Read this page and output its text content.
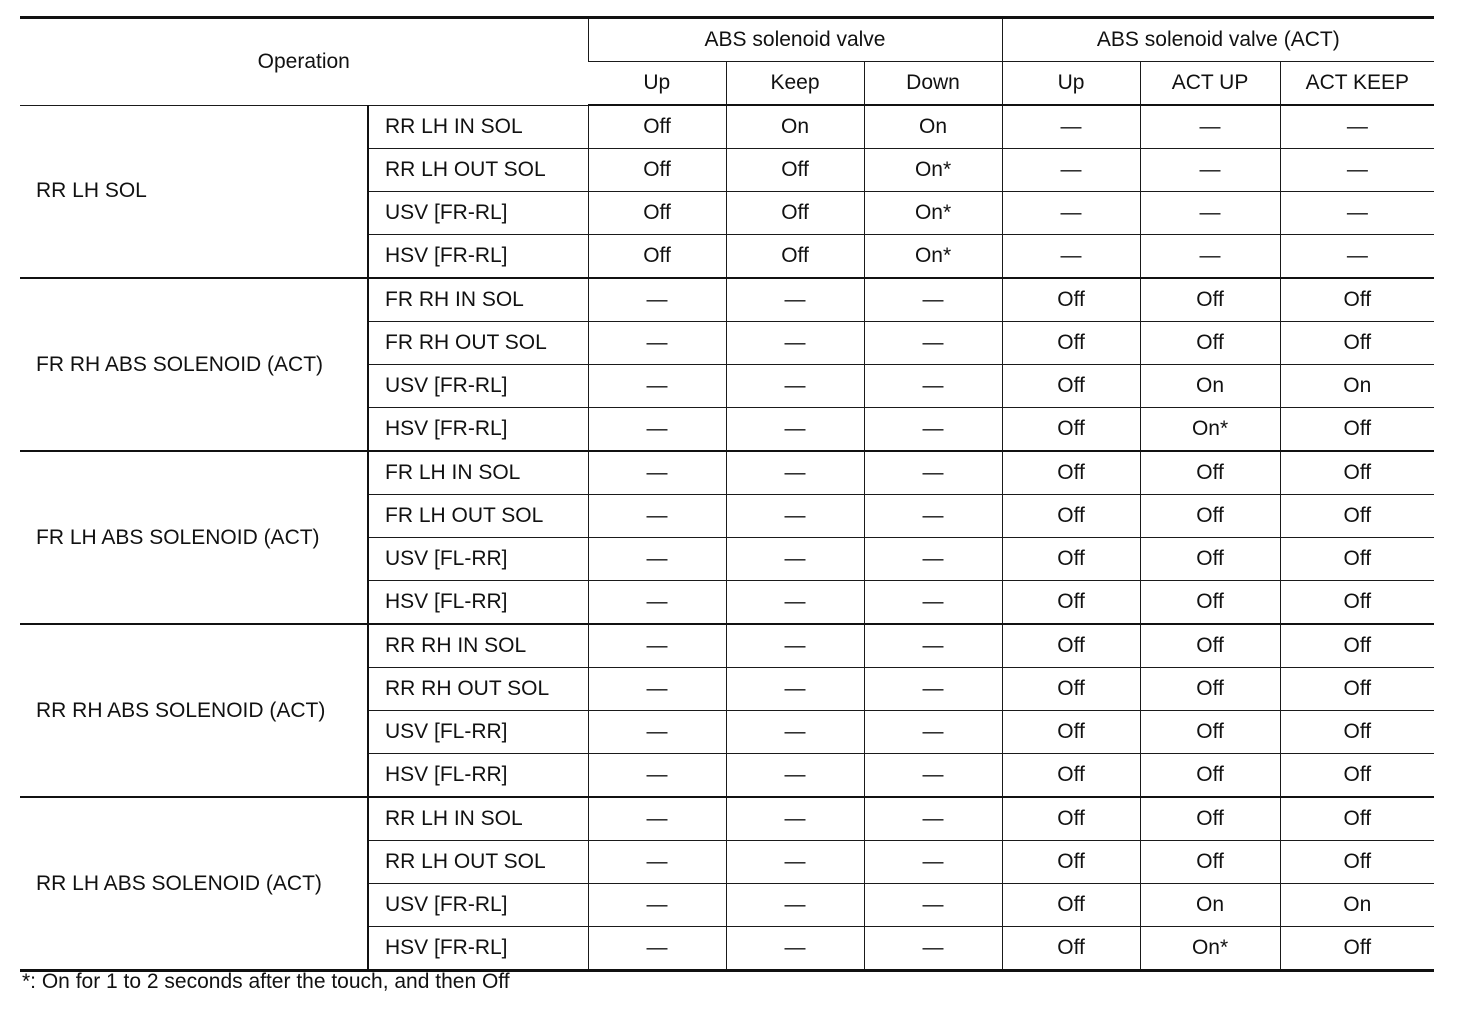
Operation		ABS solenoid valve			ABS solenoid valve (ACT)		
		Up	Keep	Down	Up	ACT UP	ACT KEEP
RR LH SOL	RR LH IN SOL	Off	On	On	—	—	—
	RR LH OUT SOL	Off	Off	On*	—	—	—
	USV [FR-RL]	Off	Off	On*	—	—	—
	HSV [FR-RL]	Off	Off	On*	—	—	—
FR RH ABS SOLENOID (ACT)	FR RH IN SOL	—	—	—	Off	Off	Off
	FR RH OUT SOL	—	—	—	Off	Off	Off
	USV [FR-RL]	—	—	—	Off	On	On
	HSV [FR-RL]	—	—	—	Off	On*	Off
FR LH ABS SOLENOID (ACT)	FR LH IN SOL	—	—	—	Off	Off	Off
	FR LH OUT SOL	—	—	—	Off	Off	Off
	USV [FL-RR]	—	—	—	Off	Off	Off
	HSV [FL-RR]	—	—	—	Off	Off	Off
RR RH ABS SOLENOID (ACT)	RR RH IN SOL	—	—	—	Off	Off	Off
	RR RH OUT SOL	—	—	—	Off	Off	Off
	USV [FL-RR]	—	—	—	Off	Off	Off
	HSV [FL-RR]	—	—	—	Off	Off	Off
RR LH ABS SOLENOID (ACT)	RR LH IN SOL	—	—	—	Off	Off	Off
	RR LH OUT SOL	—	—	—	Off	Off	Off
	USV [FR-RL]	—	—	—	Off	On	On
	HSV [FR-RL]	—	—	—	Off	On*	Off
*: On for 1 to 2 seconds after the touch, and then Off
